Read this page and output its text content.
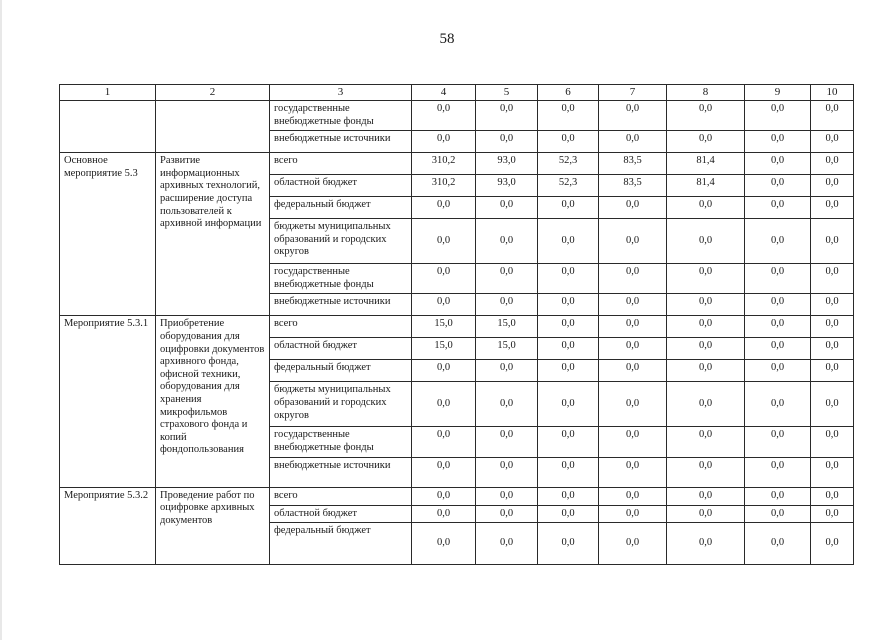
58
1	2	3	4	5	6	7	8	9	10
		государственные внебюджетные фонды	0,0	0,0	0,0	0,0	0,0	0,0	0,0
		внебюджетные источники	0,0	0,0	0,0	0,0	0,0	0,0	0,0
Основное мероприятие 5.3	Развитие информационных архивных технологий, расширение доступа пользователей к архивной информации	всего	310,2	93,0	52,3	83,5	81,4	0,0	0,0
		областной бюджет	310,2	93,0	52,3	83,5	81,4	0,0	0,0
		федеральный бюджет	0,0	0,0	0,0	0,0	0,0	0,0	0,0
		бюджеты муниципальных образований и городских округов	0,0	0,0	0,0	0,0	0,0	0,0	0,0
		государственные внебюджетные фонды	0,0	0,0	0,0	0,0	0,0	0,0	0,0
		внебюджетные источники	0,0	0,0	0,0	0,0	0,0	0,0	0,0
Мероприятие 5.3.1	Приобретение оборудования для оцифровки документов архивного фонда, офисной техники, оборудования для хранения микрофильмов страхового фонда и копий фондопользования	всего	15,0	15,0	0,0	0,0	0,0	0,0	0,0
		областной бюджет	15,0	15,0	0,0	0,0	0,0	0,0	0,0
		федеральный бюджет	0,0	0,0	0,0	0,0	0,0	0,0	0,0
		бюджеты муниципальных образований и городских округов	0,0	0,0	0,0	0,0	0,0	0,0	0,0
		государственные внебюджетные фонды	0,0	0,0	0,0	0,0	0,0	0,0	0,0
		внебюджетные источники	0,0	0,0	0,0	0,0	0,0	0,0	0,0
Мероприятие 5.3.2	Проведение работ по оцифровке архивных документов	всего	0,0	0,0	0,0	0,0	0,0	0,0	0,0
		областной бюджет	0,0	0,0	0,0	0,0	0,0	0,0	0,0
		федеральный бюджет	0,0	0,0	0,0	0,0	0,0	0,0	0,0
